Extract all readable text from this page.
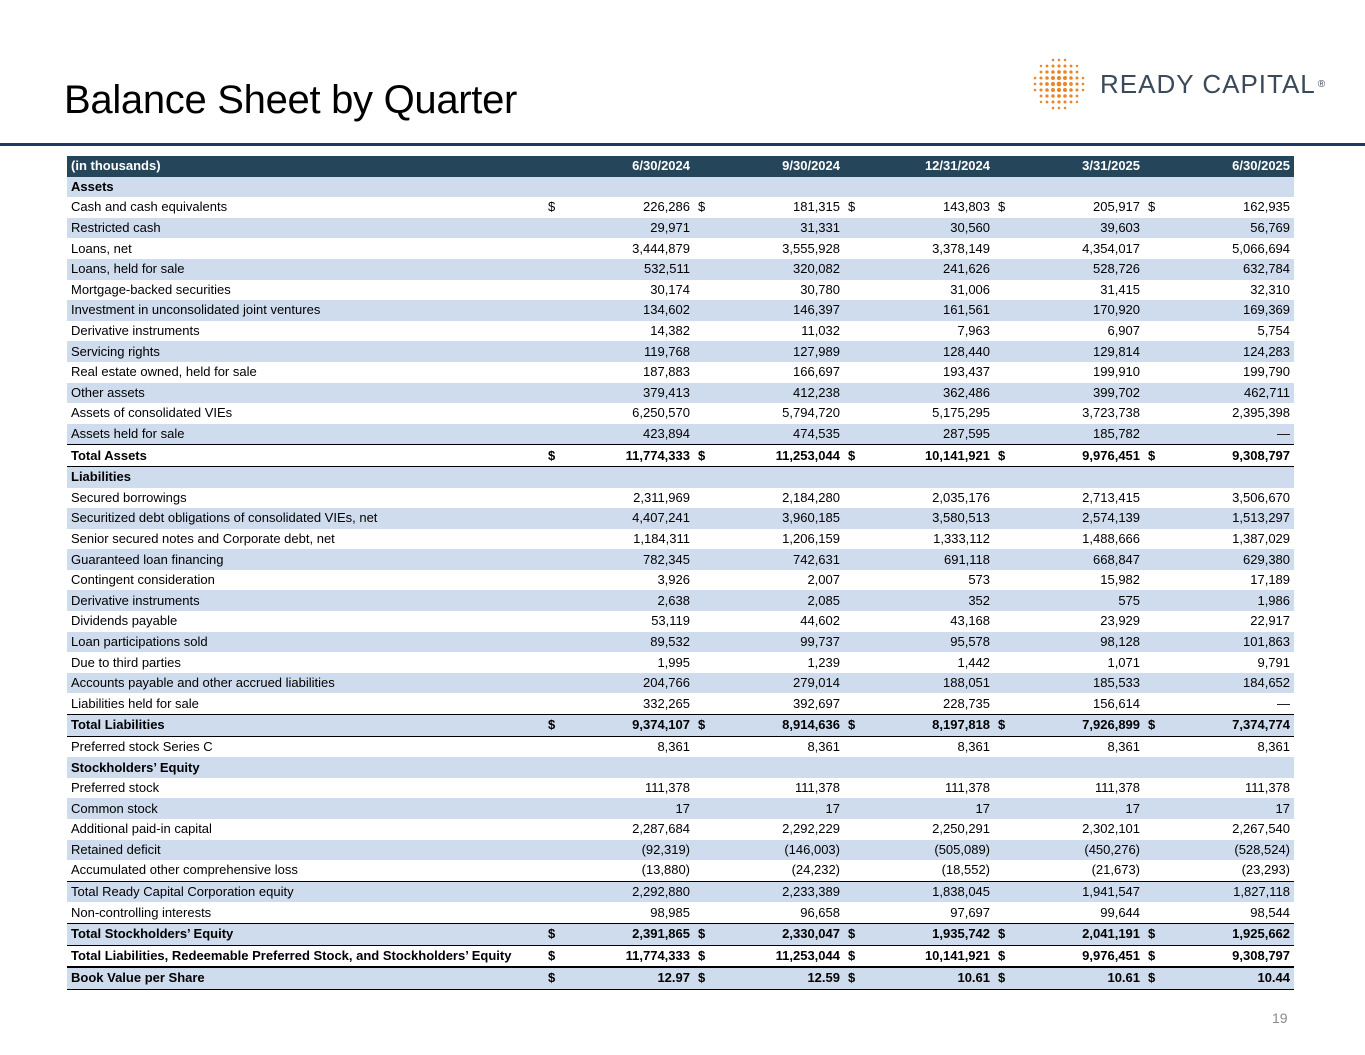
Balance Sheet by Quarter	READY CAPITAL ®
(in thousands)	6/30/2024		9/30/2024		12/31/2024		3/31/2025		6/30/2025	
Assets										
Cash and cash equivalents	$	226,286	$	181,315	$	143,803	$	205,917	$	162,935
Restricted cash		29,971		31,331		30,560		39,603		56,769
Loans, net		3,444,879		3,555,928		3,378,149		4,354,017		5,066,694
Loans, held for sale		532,511		320,082		241,626		528,726		632,784
Mortgage-backed securities		30,174		30,780		31,006		31,415		32,310
Investment in unconsolidated joint ventures		134,602		146,397		161,561		170,920		169,369
Derivative instruments		14,382		11,032		7,963		6,907		5,754
Servicing rights		119,768		127,989		128,440		129,814		124,283
Real estate owned, held for sale		187,883		166,697		193,437		199,910		199,790
Other assets		379,413		412,238		362,486		399,702		462,711
Assets of consolidated VIEs		6,250,570		5,794,720		5,175,295		3,723,738		2,395,398
Assets held for sale		423,894		474,535		287,595		185,782		—
Total Assets	$	11,774,333	$	11,253,044	$	10,141,921	$	9,976,451	$	9,308,797
Liabilities										
Secured borrowings		2,311,969		2,184,280		2,035,176		2,713,415		3,506,670
Securitized debt obligations of consolidated VIEs, net		4,407,241		3,960,185		3,580,513		2,574,139		1,513,297
Senior secured notes and Corporate debt, net		1,184,311		1,206,159		1,333,112		1,488,666		1,387,029
Guaranteed loan financing		782,345		742,631		691,118		668,847		629,380
Contingent consideration		3,926		2,007		573		15,982		17,189
Derivative instruments		2,638		2,085		352		575		1,986
Dividends payable		53,119		44,602		43,168		23,929		22,917
Loan participations sold		89,532		99,737		95,578		98,128		101,863
Due to third parties		1,995		1,239		1,442		1,071		9,791
Accounts payable and other accrued liabilities		204,766		279,014		188,051		185,533		184,652
Liabilities held for sale		332,265		392,697		228,735		156,614		—
Total Liabilities	$	9,374,107	$	8,914,636	$	8,197,818	$	7,926,899	$	7,374,774
Preferred stock Series C		8,361		8,361		8,361		8,361		8,361
Stockholders’ Equity										
Preferred stock		111,378		111,378		111,378		111,378		111,378
Common stock		17		17		17		17		17
Additional paid-in capital		2,287,684		2,292,229		2,250,291		2,302,101		2,267,540
Retained deficit		(92,319)		(146,003)		(505,089)		(450,276)		(528,524)
Accumulated other comprehensive loss		(13,880)		(24,232)		(18,552)		(21,673)		(23,293)
Total Ready Capital Corporation equity		2,292,880		2,233,389		1,838,045		1,941,547		1,827,118
Non-controlling interests		98,985		96,658		97,697		99,644		98,544
Total Stockholders’ Equity	$	2,391,865	$	2,330,047	$	1,935,742	$	2,041,191	$	1,925,662
Total Liabilities, Redeemable Preferred Stock, and Stockholders’ Equity	$	11,774,333	$	11,253,044	$	10,141,921	$	9,976,451	$	9,308,797
Book Value per Share	$	12.97	$	12.59	$	10.61	$	10.61	$	10.44
19
